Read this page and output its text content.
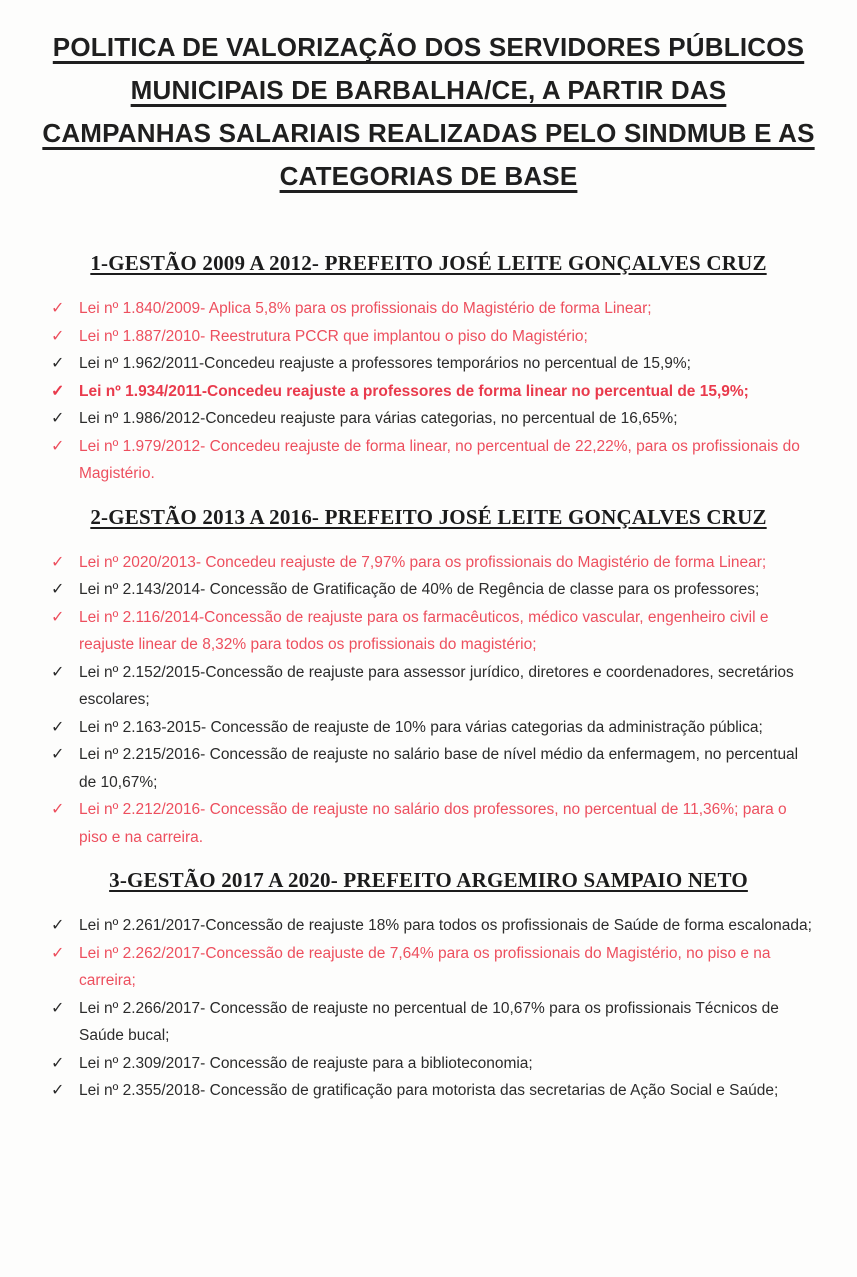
POLITICA DE VALORIZAÇÃO DOS SERVIDORES PÚBLICOSMUNICIPAIS DE BARBALHA/CE, A PARTIR DASCAMPANHAS SALARIAIS REALIZADAS PELO SINDMUB E ASCATEGORIAS DE BASE
1-GESTÃO 2009 A 2012- PREFEITO JOSÉ LEITE GONÇALVES CRUZ
✓ Lei nº 1.840/2009- Aplica 5,8% para os profissionais do Magistério de forma Linear;
✓ Lei nº 1.887/2010- Reestrutura PCCR que implantou o piso do Magistério;
✓ Lei nº 1.962/2011-Concedeu reajuste a professores temporários no percentual de 15,9%;
✓ Lei nº 1.934/2011-Concedeu reajuste a professores de forma linear no percentual de 15,9%;
✓ Lei nº 1.986/2012-Concedeu reajuste para várias categorias, no percentual de 16,65%;
✓ Lei nº 1.979/2012- Concedeu reajuste de forma linear, no percentual de 22,22%, para os profissionais do Magistério.
2-GESTÃO 2013 A 2016- PREFEITO JOSÉ LEITE GONÇALVES CRUZ
✓ Lei nº 2020/2013- Concedeu reajuste de 7,97% para os profissionais do Magistério de forma Linear;
✓ Lei nº 2.143/2014- Concessão de Gratificação de 40% de Regência de classe para os professores;
✓ Lei nº 2.116/2014-Concessão de reajuste para os farmacêuticos, médico vascular, engenheiro civil e reajuste linear de 8,32% para todos os profissionais do magistério;
✓ Lei nº 2.152/2015-Concessão de reajuste para assessor jurídico, diretores e coordenadores, secretários escolares;
✓ Lei nº 2.163-2015- Concessão de reajuste de 10% para várias categorias da administração pública;
✓ Lei nº 2.215/2016- Concessão de reajuste no salário base de nível médio da enfermagem, no percentual de 10,67%;
✓ Lei nº 2.212/2016- Concessão de reajuste no salário dos professores, no percentual de 11,36%; para o piso e na carreira.
3-GESTÃO 2017 A 2020- PREFEITO ARGEMIRO SAMPAIO NETO
✓ Lei nº 2.261/2017-Concessão de reajuste 18% para todos os profissionais de Saúde de forma escalonada;
✓ Lei nº 2.262/2017-Concessão de reajuste de 7,64% para os profissionais do Magistério, no piso e na carreira;
✓ Lei nº 2.266/2017- Concessão de reajuste no percentual de 10,67% para os profissionais Técnicos de Saúde bucal;
✓ Lei nº 2.309/2017- Concessão de reajuste para a biblioteconomia;
✓ Lei nº 2.355/2018- Concessão de gratificação para motorista das secretarias de Ação Social e Saúde;
